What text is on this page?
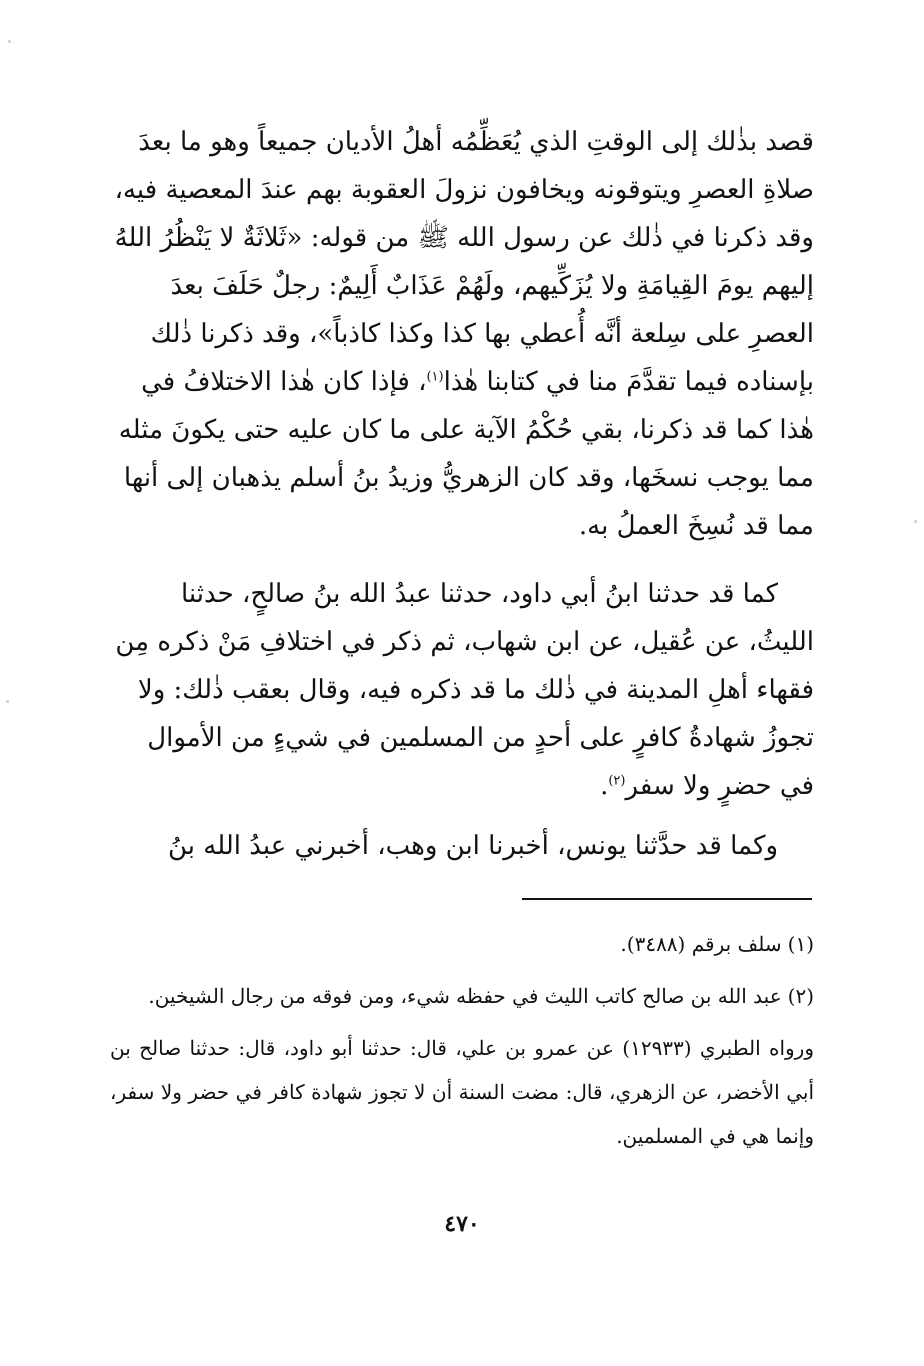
قصد بذٰلك إلى الوقتِ الذي يُعَظِّمُه أهلُ الأديان جميعاً وهو ما بعدَ صلاةِ العصرِ ويتوقونه ويخافون نزولَ العقوبة بهم عندَ المعصية فيه، وقد ذكرنا في ذٰلك عن رسول الله ﷺ من قوله: «ثَلاثَةٌ لا يَنْظُرُ اللهُ إليهم يومَ القِيامَةِ ولا يُزَكِّيهم، ولَهُمْ عَذَابٌ أَلِيمٌ: رجلٌ حَلَفَ بعدَ العصرِ على سِلعة أنَّه أُعطي بها كذا وكذا كاذباً»، وقد ذكرنا ذٰلك بإسناده فيما تقدَّمَ منا في كتابنا هٰذا$^{(١)}$، فإذا كان هٰذا الاختلافُ في هٰذا كما قد ذكرنا، بقي حُكْمُ الآية على ما كان عليه حتى يكونَ مثله مما يوجب نسخَها، وقد كان الزهريُّ وزيدُ بنُ أسلم يذهبان إلى أنها مما قد نُسِخَ العملُ به.

كما قد حدثنا ابنُ أبي داود، حدثنا عبدُ الله بنُ صالحٍ، حدثنا الليثُ، عن عُقيل، عن ابن شهاب، ثم ذكر في اختلافِ مَنْ ذكره مِن فقهاء أهلِ المدينة في ذٰلك ما قد ذكره فيه، وقال بعقب ذٰلك: ولا تجوزُ شهادةُ كافرٍ على أحدٍ من المسلمين في شيءٍ من الأموال في حضرٍ ولا سفر$^{(٢)}$.

وكما قد حدَّثنا يونس، أخبرنا ابن وهب، أخبرني عبدُ الله بنُ

(١)سلف برقم (٣٤٨٨).

(٢)عبد الله بن صالح كاتب الليث في حفظه شيء، ومن فوقه من رجال الشيخين.

ورواه الطبري (١٢٩٣٣) عن عمرو بن علي، قال: حدثنا أبو داود، قال: حدثنا صالح بن أبي الأخضر، عن الزهري، قال: مضت السنة أن لا تجوز شهادة كافر في حضر ولا سفر، وإنما هي في المسلمين.

٤٧٠
